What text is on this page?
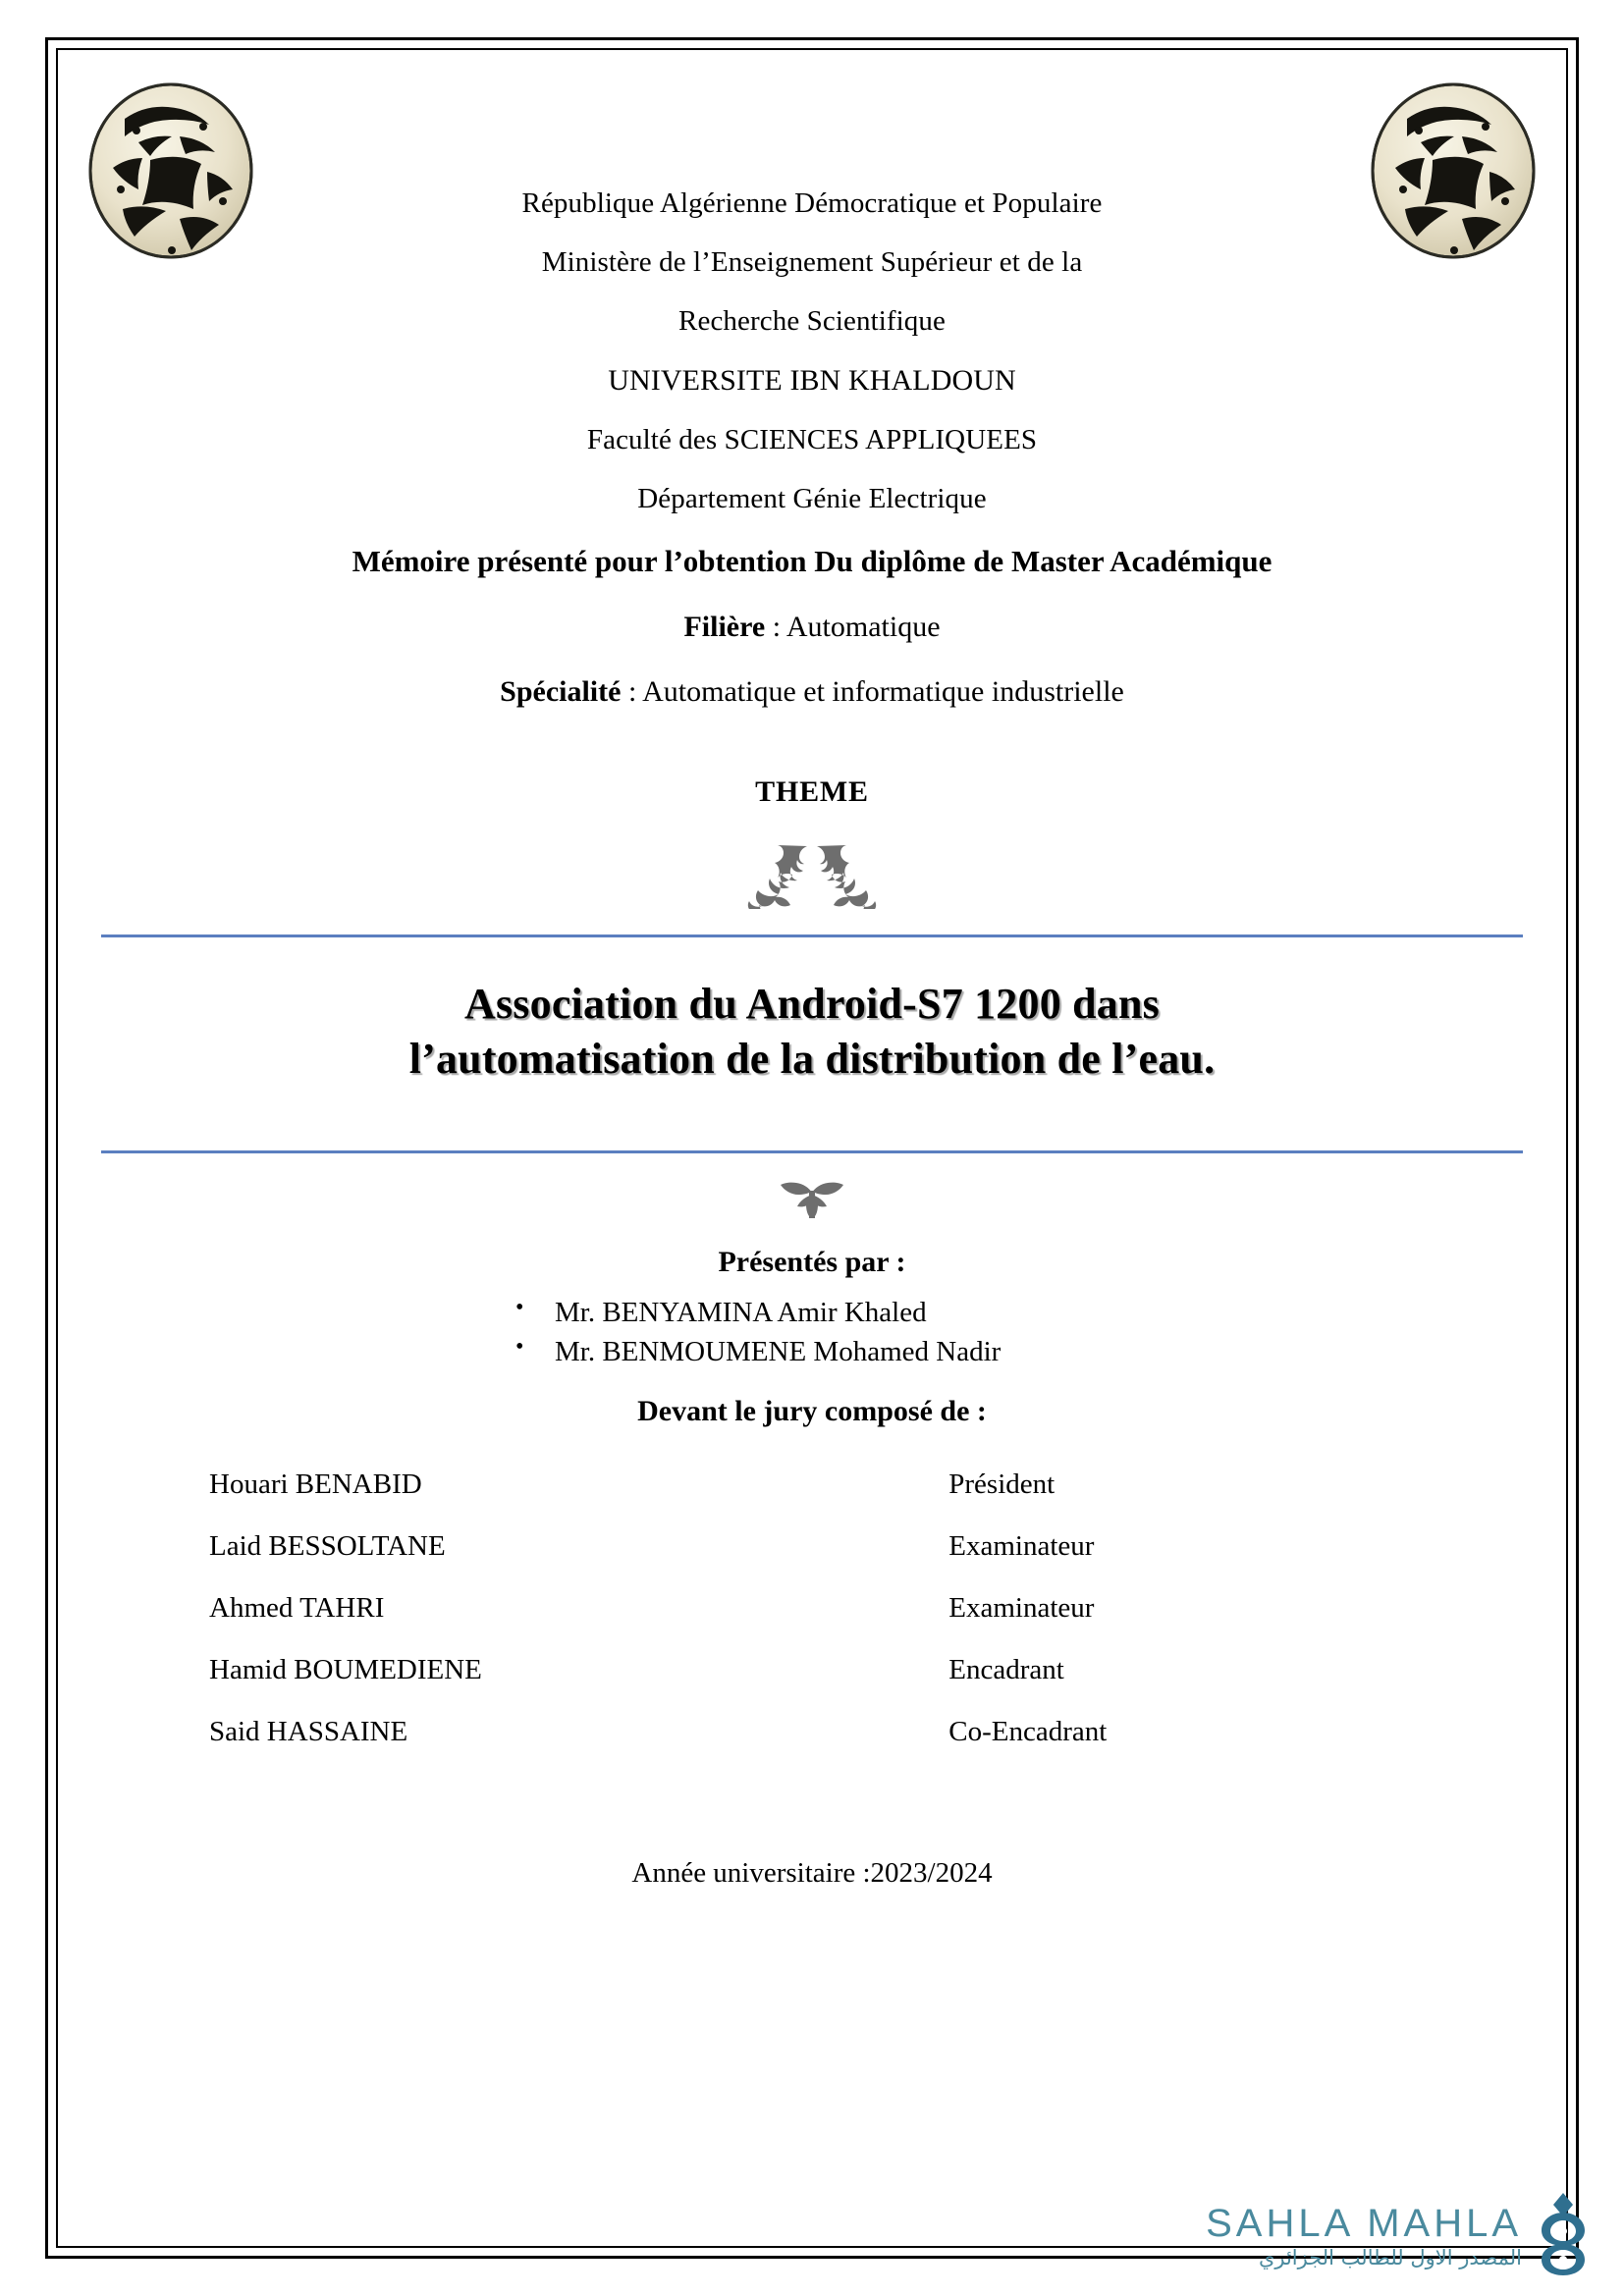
République Algérienne Démocratique et Populaire
Ministère de l’Enseignement Supérieur et de la
Recherche Scientifique
UNIVERSITE IBN KHALDOUN
Faculté des SCIENCES APPLIQUEES
Département Génie Electrique
Mémoire présenté pour l’obtention Du diplôme de Master Académique
Filière : Automatique
Spécialité : Automatique et informatique industrielle
THEME
Association du Android-S7 1200 dans
l’automatisation de la distribution de l’eau.
Présentés par :
• Mr. BENYAMINA Amir Khaled
• Mr. BENMOUMENE Mohamed Nadir
Devant le jury composé de :
Houari BENABID	Président
Laid BESSOLTANE	Examinateur
Ahmed TAHRI	Examinateur
Hamid BOUMEDIENE	Encadrant
Said HASSAINE	Co-Encadrant
Année universitaire :2023/2024
SAHLA MAHLA
المصدر الاول للطالب الجزائري
